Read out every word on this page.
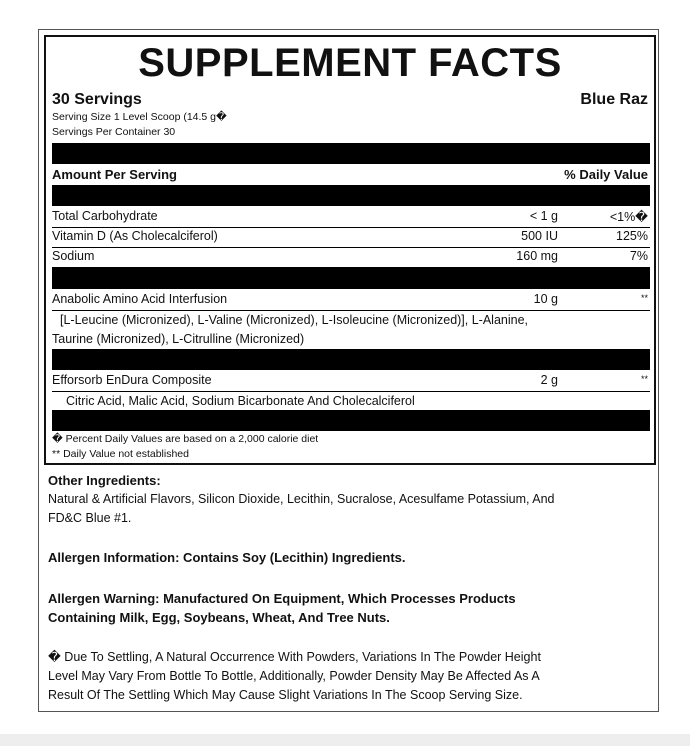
SUPPLEMENT FACTS
30 Servings	Blue Raz
Serving Size 1 Level Scoop (14.5 g�
Servings Per Container 30
Amount Per Serving	% Daily Value
Total Carbohydrate	< 1 g	<1%�
Vitamin D (As Cholecalciferol)	500 IU	125%
Sodium	160 mg	7%
Anabolic Amino Acid Interfusion	10 g	**
[L-Leucine (Micronized), L-Valine (Micronized), L-Isoleucine (Micronized)], L-Alanine,
Taurine (Micronized), L-Citrulline (Micronized)
Efforsorb EnDura Composite	2 g	**
Citric Acid, Malic Acid, Sodium Bicarbonate And Cholecalciferol
� Percent Daily Values are based on a 2,000 calorie diet
** Daily Value not established
Other Ingredients:
Natural & Artificial Flavors, Silicon Dioxide, Lecithin, Sucralose, Acesulfame Potassium, And
FD&C Blue #1.
Allergen Information: Contains Soy (Lecithin) Ingredients.
Allergen Warning: Manufactured On Equipment, Which Processes Products
Containing Milk, Egg, Soybeans, Wheat, And Tree Nuts.
� Due To Settling, A Natural Occurrence With Powders, Variations In The Powder Height
Level May Vary From Bottle To Bottle, Additionally, Powder Density May Be Affected As A
Result Of The Settling Which May Cause Slight Variations In The Scoop Serving Size.
